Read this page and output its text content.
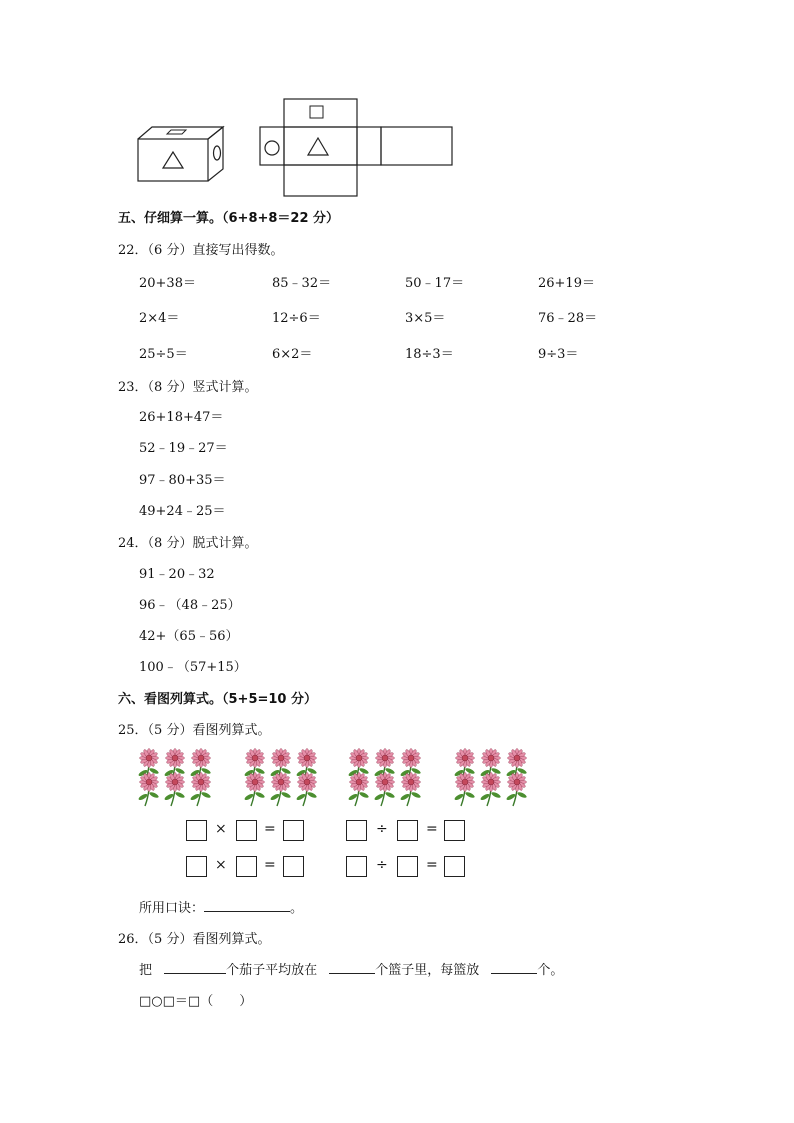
五、仔细算一算。（6+8+8＝22 分）
22．（6 分）直接写出得数。
20+38＝	85﹣32＝	50﹣17＝	26+19＝
2×4＝	12÷6＝	3×5＝	76﹣28＝
25÷5＝	6×2＝	18÷3＝	9÷3＝
23．（8 分）竖式计算。
26+18+47＝
52﹣19﹣27＝
97﹣80+35＝
49+24﹣25＝
24．（8 分）脱式计算。
91﹣20﹣32
96﹣（48﹣25）
42+（65﹣56）
100﹣（57+15）
六、看图列算式。（5+5=10 分）
25．（5 分）看图列算式。
×	=	÷	=
×	=	÷	=
所用口诀：	。
26．（5 分）看图列算式。
把	个茄子平均放在	个篮子里，每篮放	个。
□○□＝□（　　）
